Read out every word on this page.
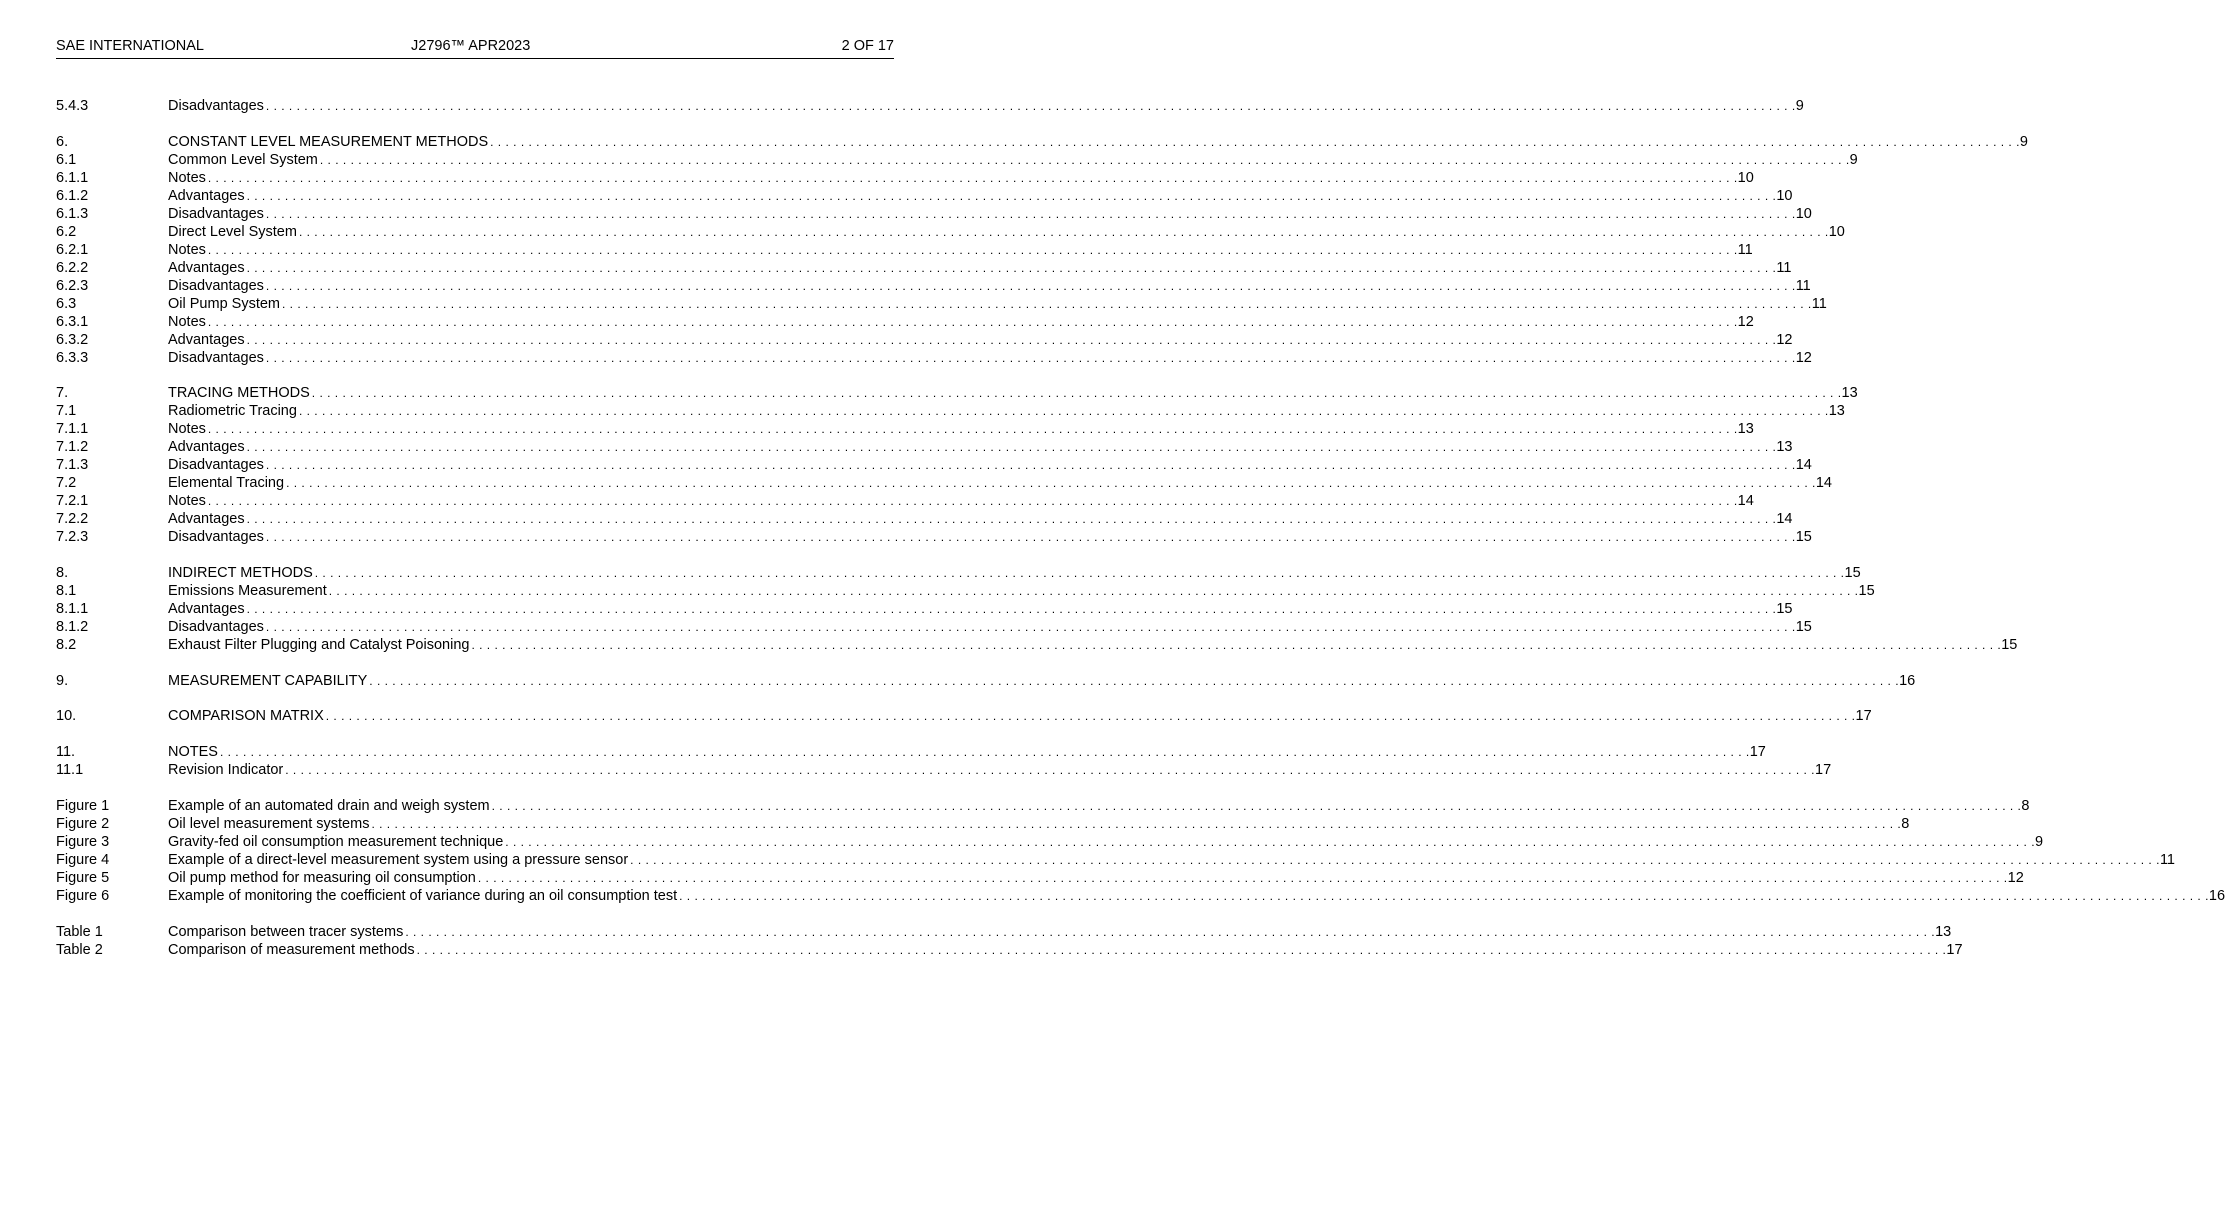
SAE INTERNATIONAL	J2796™ APR2023	2 OF 17
5.4.3	Disadvantages . . . . . . . . . . . . . . . . . . . . . . . . . . . . . . . . . . . . . . . . . . . . . . . . . . . . . . . . . . . . . . . . . . . . . . . . . . . . . . . . . . . . . . . . . . . . . . . . . . . . . . . . . . . . . . . . . . . . . . . . . . . . . . . . . . . . . . . . . . . . . . . . . . . . . . . . . . . . . . . . . . . . . . . . . . . . . . . . . . . . . . . . . . . . . . . . . . . . . . . . 9
6.	CONSTANT LEVEL MEASUREMENT METHODS . . . . . . . . . . . . . . . . . . . . . . . . . . . . . . . . . . . . . . . . . . . . . . . . . . . . . . . . . . . . . . . . . . . . . . . . . . . . . . . . . . . . . . . . . . . . . . . . . . . . . . . . . . . . . . . . . . . . . . . . . . . . . . . . . . . . . . . . . . . . . . . . . . . . . . . . . . . . . . . . . . . . . . . . . . . . . . . . . . . . . . . . . . . . . . . . . . . . . . . . 9
6.1	Common Level System . . . . . . . . . . . . . . . . . . . . . . . . . . . . . . . . . . . . . . . . . . . . . . . . . . . . . . . . . . . . . . . . . . . . . . . . . . . . . . . . . . . . . . . . . . . . . . . . . . . . . . . . . . . . . . . . . . . . . . . . . . . . . . . . . . . . . . . . . . . . . . . . . . . . . . . . . . . . . . . . . . . . . . . . . . . . . . . . . . . . . . . . . . . . . . . . . . . . . . . . 9
6.1.1	Notes . . . . . . . . . . . . . . . . . . . . . . . . . . . . . . . . . . . . . . . . . . . . . . . . . . . . . . . . . . . . . . . . . . . . . . . . . . . . . . . . . . . . . . . . . . . . . . . . . . . . . . . . . . . . . . . . . . . . . . . . . . . . . . . . . . . . . . . . . . . . . . . . . . . . . . . . . . . . . . . . . . . . . . . . . . . . . . . . . . . . . . . . . . . . . . . . . . . . . . . . 10
6.1.2	Advantages . . . . . . . . . . . . . . . . . . . . . . . . . . . . . . . . . . . . . . . . . . . . . . . . . . . . . . . . . . . . . . . . . . . . . . . . . . . . . . . . . . . . . . . . . . . . . . . . . . . . . . . . . . . . . . . . . . . . . . . . . . . . . . . . . . . . . . . . . . . . . . . . . . . . . . . . . . . . . . . . . . . . . . . . . . . . . . . . . . . . . . . . . . . . . . . . . . . . . . . . 10
6.1.3	Disadvantages . . . . . . . . . . . . . . . . . . . . . . . . . . . . . . . . . . . . . . . . . . . . . . . . . . . . . . . . . . . . . . . . . . . . . . . . . . . . . . . . . . . . . . . . . . . . . . . . . . . . . . . . . . . . . . . . . . . . . . . . . . . . . . . . . . . . . . . . . . . . . . . . . . . . . . . . . . . . . . . . . . . . . . . . . . . . . . . . . . . . . . . . . . . . . . . . . . . . . . . . 10
6.2	Direct Level System . . . . . . . . . . . . . . . . . . . . . . . . . . . . . . . . . . . . . . . . . . . . . . . . . . . . . . . . . . . . . . . . . . . . . . . . . . . . . . . . . . . . . . . . . . . . . . . . . . . . . . . . . . . . . . . . . . . . . . . . . . . . . . . . . . . . . . . . . . . . . . . . . . . . . . . . . . . . . . . . . . . . . . . . . . . . . . . . . . . . . . . . . . . . . . . . . . . . . . . . 10
6.2.1	Notes . . . . . . . . . . . . . . . . . . . . . . . . . . . . . . . . . . . . . . . . . . . . . . . . . . . . . . . . . . . . . . . . . . . . . . . . . . . . . . . . . . . . . . . . . . . . . . . . . . . . . . . . . . . . . . . . . . . . . . . . . . . . . . . . . . . . . . . . . . . . . . . . . . . . . . . . . . . . . . . . . . . . . . . . . . . . . . . . . . . . . . . . . . . . . . . . . . . . . . . . 11
6.2.2	Advantages . . . . . . . . . . . . . . . . . . . . . . . . . . . . . . . . . . . . . . . . . . . . . . . . . . . . . . . . . . . . . . . . . . . . . . . . . . . . . . . . . . . . . . . . . . . . . . . . . . . . . . . . . . . . . . . . . . . . . . . . . . . . . . . . . . . . . . . . . . . . . . . . . . . . . . . . . . . . . . . . . . . . . . . . . . . . . . . . . . . . . . . . . . . . . . . . . . . . . . . . 11
6.2.3	Disadvantages . . . . . . . . . . . . . . . . . . . . . . . . . . . . . . . . . . . . . . . . . . . . . . . . . . . . . . . . . . . . . . . . . . . . . . . . . . . . . . . . . . . . . . . . . . . . . . . . . . . . . . . . . . . . . . . . . . . . . . . . . . . . . . . . . . . . . . . . . . . . . . . . . . . . . . . . . . . . . . . . . . . . . . . . . . . . . . . . . . . . . . . . . . . . . . . . . . . . . . . . 11
6.3	Oil Pump System . . . . . . . . . . . . . . . . . . . . . . . . . . . . . . . . . . . . . . . . . . . . . . . . . . . . . . . . . . . . . . . . . . . . . . . . . . . . . . . . . . . . . . . . . . . . . . . . . . . . . . . . . . . . . . . . . . . . . . . . . . . . . . . . . . . . . . . . . . . . . . . . . . . . . . . . . . . . . . . . . . . . . . . . . . . . . . . . . . . . . . . . . . . . . . . . . . . . . . . . 11
6.3.1	Notes . . . . . . . . . . . . . . . . . . . . . . . . . . . . . . . . . . . . . . . . . . . . . . . . . . . . . . . . . . . . . . . . . . . . . . . . . . . . . . . . . . . . . . . . . . . . . . . . . . . . . . . . . . . . . . . . . . . . . . . . . . . . . . . . . . . . . . . . . . . . . . . . . . . . . . . . . . . . . . . . . . . . . . . . . . . . . . . . . . . . . . . . . . . . . . . . . . . . . . . . 12
6.3.2	Advantages . . . . . . . . . . . . . . . . . . . . . . . . . . . . . . . . . . . . . . . . . . . . . . . . . . . . . . . . . . . . . . . . . . . . . . . . . . . . . . . . . . . . . . . . . . . . . . . . . . . . . . . . . . . . . . . . . . . . . . . . . . . . . . . . . . . . . . . . . . . . . . . . . . . . . . . . . . . . . . . . . . . . . . . . . . . . . . . . . . . . . . . . . . . . . . . . . . . . . . . . 12
6.3.3	Disadvantages . . . . . . . . . . . . . . . . . . . . . . . . . . . . . . . . . . . . . . . . . . . . . . . . . . . . . . . . . . . . . . . . . . . . . . . . . . . . . . . . . . . . . . . . . . . . . . . . . . . . . . . . . . . . . . . . . . . . . . . . . . . . . . . . . . . . . . . . . . . . . . . . . . . . . . . . . . . . . . . . . . . . . . . . . . . . . . . . . . . . . . . . . . . . . . . . . . . . . . . . 12
7.	TRACING METHODS . . . . . . . . . . . . . . . . . . . . . . . . . . . . . . . . . . . . . . . . . . . . . . . . . . . . . . . . . . . . . . . . . . . . . . . . . . . . . . . . . . . . . . . . . . . . . . . . . . . . . . . . . . . . . . . . . . . . . . . . . . . . . . . . . . . . . . . . . . . . . . . . . . . . . . . . . . . . . . . . . . . . . . . . . . . . . . . . . . . . . . . . . . . . . . . . . . . . . . . . 13
7.1	Radiometric Tracing . . . . . . . . . . . . . . . . . . . . . . . . . . . . . . . . . . . . . . . . . . . . . . . . . . . . . . . . . . . . . . . . . . . . . . . . . . . . . . . . . . . . . . . . . . . . . . . . . . . . . . . . . . . . . . . . . . . . . . . . . . . . . . . . . . . . . . . . . . . . . . . . . . . . . . . . . . . . . . . . . . . . . . . . . . . . . . . . . . . . . . . . . . . . . . . . . . . . . . . . 13
7.1.1	Notes . . . . . . . . . . . . . . . . . . . . . . . . . . . . . . . . . . . . . . . . . . . . . . . . . . . . . . . . . . . . . . . . . . . . . . . . . . . . . . . . . . . . . . . . . . . . . . . . . . . . . . . . . . . . . . . . . . . . . . . . . . . . . . . . . . . . . . . . . . . . . . . . . . . . . . . . . . . . . . . . . . . . . . . . . . . . . . . . . . . . . . . . . . . . . . . . . . . . . . . . 13
7.1.2	Advantages . . . . . . . . . . . . . . . . . . . . . . . . . . . . . . . . . . . . . . . . . . . . . . . . . . . . . . . . . . . . . . . . . . . . . . . . . . . . . . . . . . . . . . . . . . . . . . . . . . . . . . . . . . . . . . . . . . . . . . . . . . . . . . . . . . . . . . . . . . . . . . . . . . . . . . . . . . . . . . . . . . . . . . . . . . . . . . . . . . . . . . . . . . . . . . . . . . . . . . . . 13
7.1.3	Disadvantages . . . . . . . . . . . . . . . . . . . . . . . . . . . . . . . . . . . . . . . . . . . . . . . . . . . . . . . . . . . . . . . . . . . . . . . . . . . . . . . . . . . . . . . . . . . . . . . . . . . . . . . . . . . . . . . . . . . . . . . . . . . . . . . . . . . . . . . . . . . . . . . . . . . . . . . . . . . . . . . . . . . . . . . . . . . . . . . . . . . . . . . . . . . . . . . . . . . . . . . . 14
7.2	Elemental Tracing . . . . . . . . . . . . . . . . . . . . . . . . . . . . . . . . . . . . . . . . . . . . . . . . . . . . . . . . . . . . . . . . . . . . . . . . . . . . . . . . . . . . . . . . . . . . . . . . . . . . . . . . . . . . . . . . . . . . . . . . . . . . . . . . . . . . . . . . . . . . . . . . . . . . . . . . . . . . . . . . . . . . . . . . . . . . . . . . . . . . . . . . . . . . . . . . . . . . . . . . 14
7.2.1	Notes . . . . . . . . . . . . . . . . . . . . . . . . . . . . . . . . . . . . . . . . . . . . . . . . . . . . . . . . . . . . . . . . . . . . . . . . . . . . . . . . . . . . . . . . . . . . . . . . . . . . . . . . . . . . . . . . . . . . . . . . . . . . . . . . . . . . . . . . . . . . . . . . . . . . . . . . . . . . . . . . . . . . . . . . . . . . . . . . . . . . . . . . . . . . . . . . . . . . . . . . 14
7.2.2	Advantages . . . . . . . . . . . . . . . . . . . . . . . . . . . . . . . . . . . . . . . . . . . . . . . . . . . . . . . . . . . . . . . . . . . . . . . . . . . . . . . . . . . . . . . . . . . . . . . . . . . . . . . . . . . . . . . . . . . . . . . . . . . . . . . . . . . . . . . . . . . . . . . . . . . . . . . . . . . . . . . . . . . . . . . . . . . . . . . . . . . . . . . . . . . . . . . . . . . . . . . . 14
7.2.3	Disadvantages . . . . . . . . . . . . . . . . . . . . . . . . . . . . . . . . . . . . . . . . . . . . . . . . . . . . . . . . . . . . . . . . . . . . . . . . . . . . . . . . . . . . . . . . . . . . . . . . . . . . . . . . . . . . . . . . . . . . . . . . . . . . . . . . . . . . . . . . . . . . . . . . . . . . . . . . . . . . . . . . . . . . . . . . . . . . . . . . . . . . . . . . . . . . . . . . . . . . . . . . 15
8.	INDIRECT METHODS . . . . . . . . . . . . . . . . . . . . . . . . . . . . . . . . . . . . . . . . . . . . . . . . . . . . . . . . . . . . . . . . . . . . . . . . . . . . . . . . . . . . . . . . . . . . . . . . . . . . . . . . . . . . . . . . . . . . . . . . . . . . . . . . . . . . . . . . . . . . . . . . . . . . . . . . . . . . . . . . . . . . . . . . . . . . . . . . . . . . . . . . . . . . . . . . . . . . . . . . 15
8.1	Emissions Measurement . . . . . . . . . . . . . . . . . . . . . . . . . . . . . . . . . . . . . . . . . . . . . . . . . . . . . . . . . . . . . . . . . . . . . . . . . . . . . . . . . . . . . . . . . . . . . . . . . . . . . . . . . . . . . . . . . . . . . . . . . . . . . . . . . . . . . . . . . . . . . . . . . . . . . . . . . . . . . . . . . . . . . . . . . . . . . . . . . . . . . . . . . . . . . . . . . . . . . . . . 15
8.1.1	Advantages . . . . . . . . . . . . . . . . . . . . . . . . . . . . . . . . . . . . . . . . . . . . . . . . . . . . . . . . . . . . . . . . . . . . . . . . . . . . . . . . . . . . . . . . . . . . . . . . . . . . . . . . . . . . . . . . . . . . . . . . . . . . . . . . . . . . . . . . . . . . . . . . . . . . . . . . . . . . . . . . . . . . . . . . . . . . . . . . . . . . . . . . . . . . . . . . . . . . . . . . 15
8.1.2	Disadvantages . . . . . . . . . . . . . . . . . . . . . . . . . . . . . . . . . . . . . . . . . . . . . . . . . . . . . . . . . . . . . . . . . . . . . . . . . . . . . . . . . . . . . . . . . . . . . . . . . . . . . . . . . . . . . . . . . . . . . . . . . . . . . . . . . . . . . . . . . . . . . . . . . . . . . . . . . . . . . . . . . . . . . . . . . . . . . . . . . . . . . . . . . . . . . . . . . . . . . . . . 15
8.2	Exhaust Filter Plugging and Catalyst Poisoning . . . . . . . . . . . . . . . . . . . . . . . . . . . . . . . . . . . . . . . . . . . . . . . . . . . . . . . . . . . . . . . . . . . . . . . . . . . . . . . . . . . . . . . . . . . . . . . . . . . . . . . . . . . . . . . . . . . . . . . . . . . . . . . . . . . . . . . . . . . . . . . . . . . . . . . . . . . . . . . . . . . . . . . . . . . . . . . . . . . . . . . . . . . . . . . . . . . . . . . . 15
9.	MEASUREMENT CAPABILITY . . . . . . . . . . . . . . . . . . . . . . . . . . . . . . . . . . . . . . . . . . . . . . . . . . . . . . . . . . . . . . . . . . . . . . . . . . . . . . . . . . . . . . . . . . . . . . . . . . . . . . . . . . . . . . . . . . . . . . . . . . . . . . . . . . . . . . . . . . . . . . . . . . . . . . . . . . . . . . . . . . . . . . . . . . . . . . . . . . . . . . . . . . . . . . . . . . . . . . . . 16
10.	COMPARISON MATRIX . . . . . . . . . . . . . . . . . . . . . . . . . . . . . . . . . . . . . . . . . . . . . . . . . . . . . . . . . . . . . . . . . . . . . . . . . . . . . . . . . . . . . . . . . . . . . . . . . . . . . . . . . . . . . . . . . . . . . . . . . . . . . . . . . . . . . . . . . . . . . . . . . . . . . . . . . . . . . . . . . . . . . . . . . . . . . . . . . . . . . . . . . . . . . . . . . . . . . . . . 17
11.	NOTES . . . . . . . . . . . . . . . . . . . . . . . . . . . . . . . . . . . . . . . . . . . . . . . . . . . . . . . . . . . . . . . . . . . . . . . . . . . . . . . . . . . . . . . . . . . . . . . . . . . . . . . . . . . . . . . . . . . . . . . . . . . . . . . . . . . . . . . . . . . . . . . . . . . . . . . . . . . . . . . . . . . . . . . . . . . . . . . . . . . . . . . . . . . . . . . . . . . . . . . . 17
11.1	Revision Indicator . . . . . . . . . . . . . . . . . . . . . . . . . . . . . . . . . . . . . . . . . . . . . . . . . . . . . . . . . . . . . . . . . . . . . . . . . . . . . . . . . . . . . . . . . . . . . . . . . . . . . . . . . . . . . . . . . . . . . . . . . . . . . . . . . . . . . . . . . . . . . . . . . . . . . . . . . . . . . . . . . . . . . . . . . . . . . . . . . . . . . . . . . . . . . . . . . . . . . . . . 17
Figure 1	Example of an automated drain and weigh system . . . . . . . . . . . . . . . . . . . . . . . . . . . . . . . . . . . . . . . . . . . . . . . . . . . . . . . . . . . . . . . . . . . . . . . . . . . . . . . . . . . . . . . . . . . . . . . . . . . . . . . . . . . . . . . . . . . . . . . . . . . . . . . . . . . . . . . . . . . . . . . . . . . . . . . . . . . . . . . . . . . . . . . . . . . . . . . . . . . . . . . . . . . . . . . . . . . . . . . . 8
Figure 2	Oil level measurement systems . . . . . . . . . . . . . . . . . . . . . . . . . . . . . . . . . . . . . . . . . . . . . . . . . . . . . . . . . . . . . . . . . . . . . . . . . . . . . . . . . . . . . . . . . . . . . . . . . . . . . . . . . . . . . . . . . . . . . . . . . . . . . . . . . . . . . . . . . . . . . . . . . . . . . . . . . . . . . . . . . . . . . . . . . . . . . . . . . . . . . . . . . . . . . . . . . . . . . . . . 8
Figure 3	Gravity-fed oil consumption measurement technique . . . . . . . . . . . . . . . . . . . . . . . . . . . . . . . . . . . . . . . . . . . . . . . . . . . . . . . . . . . . . . . . . . . . . . . . . . . . . . . . . . . . . . . . . . . . . . . . . . . . . . . . . . . . . . . . . . . . . . . . . . . . . . . . . . . . . . . . . . . . . . . . . . . . . . . . . . . . . . . . . . . . . . . . . . . . . . . . . . . . . . . . . . . . . . . . . . . . . . . . 9
Figure 4	Example of a direct-level measurement system using a pressure sensor . . . . . . . . . . . . . . . . . . . . . . . . . . . . . . . . . . . . . . . . . . . . . . . . . . . . . . . . . . . . . . . . . . . . . . . . . . . . . . . . . . . . . . . . . . . . . . . . . . . . . . . . . . . . . . . . . . . . . . . . . . . . . . . . . . . . . . . . . . . . . . . . . . . . . . . . . . . . . . . . . . . . . . . . . . . . . . . . . . . . . . . . . . . . . . . . . . . . . . . . 11
Figure 5	Oil pump method for measuring oil consumption . . . . . . . . . . . . . . . . . . . . . . . . . . . . . . . . . . . . . . . . . . . . . . . . . . . . . . . . . . . . . . . . . . . . . . . . . . . . . . . . . . . . . . . . . . . . . . . . . . . . . . . . . . . . . . . . . . . . . . . . . . . . . . . . . . . . . . . . . . . . . . . . . . . . . . . . . . . . . . . . . . . . . . . . . . . . . . . . . . . . . . . . . . . . . . . . . . . . . . . . 12
Figure 6	Example of monitoring the coefficient of variance during an oil consumption test . . . . . . . . . . . . . . . . . . . . . . . . . . . . . . . . . . . . . . . . . . . . . . . . . . . . . . . . . . . . . . . . . . . . . . . . . . . . . . . . . . . . . . . . . . . . . . . . . . . . . . . . . . . . . . . . . . . . . . . . . . . . . . . . . . . . . . . . . . . . . . . . . . . . . . . . . . . . . . . . . . . . . . . . . . . . . . . . . . . . . . . . . . . . . . . . . . . . . . . . 16
Table 1	Comparison between tracer systems . . . . . . . . . . . . . . . . . . . . . . . . . . . . . . . . . . . . . . . . . . . . . . . . . . . . . . . . . . . . . . . . . . . . . . . . . . . . . . . . . . . . . . . . . . . . . . . . . . . . . . . . . . . . . . . . . . . . . . . . . . . . . . . . . . . . . . . . . . . . . . . . . . . . . . . . . . . . . . . . . . . . . . . . . . . . . . . . . . . . . . . . . . . . . . . . . . . . . . . . 13
Table 2	Comparison of measurement methods . . . . . . . . . . . . . . . . . . . . . . . . . . . . . . . . . . . . . . . . . . . . . . . . . . . . . . . . . . . . . . . . . . . . . . . . . . . . . . . . . . . . . . . . . . . . . . . . . . . . . . . . . . . . . . . . . . . . . . . . . . . . . . . . . . . . . . . . . . . . . . . . . . . . . . . . . . . . . . . . . . . . . . . . . . . . . . . . . . . . . . . . . . . . . . . . . . . . . . . . 17
